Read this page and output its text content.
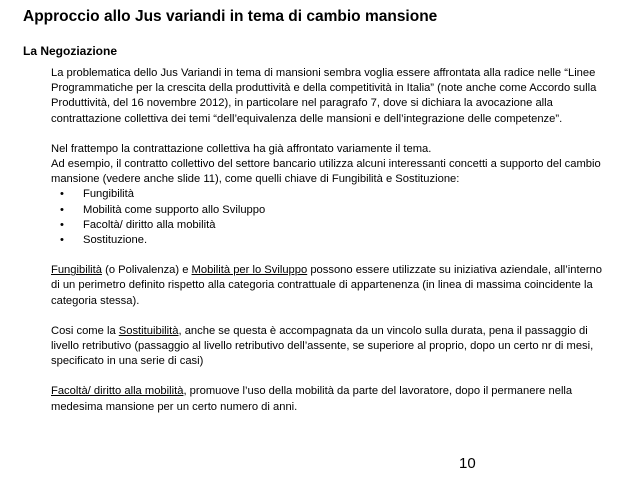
Approccio allo Jus variandi in tema di cambio mansione
La Negoziazione

La problematica dello Jus Variandi in tema di mansioni sembra voglia essere affrontata alla radice nelle “Linee Programmatiche per la crescita della produttività e della competitività in Italia” (note anche come Accordo sulla Produttività, del 16 novembre 2012), in particolare nel paragrafo 7, dove si dichiara la avocazione alla contrattazione collettiva dei temi “dell’equivalenza delle mansioni e dell’integrazione delle competenze”.

Nel frattempo la contrattazione collettiva ha già affrontato variamente il tema.

Ad esempio, il contratto collettivo del settore bancario utilizza alcuni interessanti concetti a supporto del cambio mansione (vedere anche slide 11), come quelli chiave di Fungibilità e Sostituzione:

• Fungibilità
• Mobilità come supporto allo Sviluppo
• Facoltà/ diritto alla mobilità
• Sostituzione.

Fungibilità (o Polivalenza) e Mobilità per lo Sviluppo possono essere utilizzate su iniziativa aziendale, all’interno di un perimetro definito rispetto alla categoria contrattuale di appartenenza (in linea di massima coincidente la categoria stessa).

Cosi come la Sostituibilità, anche se questa è accompagnata da un vincolo sulla durata, pena il passaggio di livello retributivo (passaggio al livello retributivo dell’assente, se superiore al proprio, dopo un certo nr di mesi, specificato in una serie di casi)

Facoltà/ diritto alla mobilità, promuove l’uso della mobilità da parte del lavoratore, dopo il permanere nella medesima mansione per un certo numero di anni.

10
